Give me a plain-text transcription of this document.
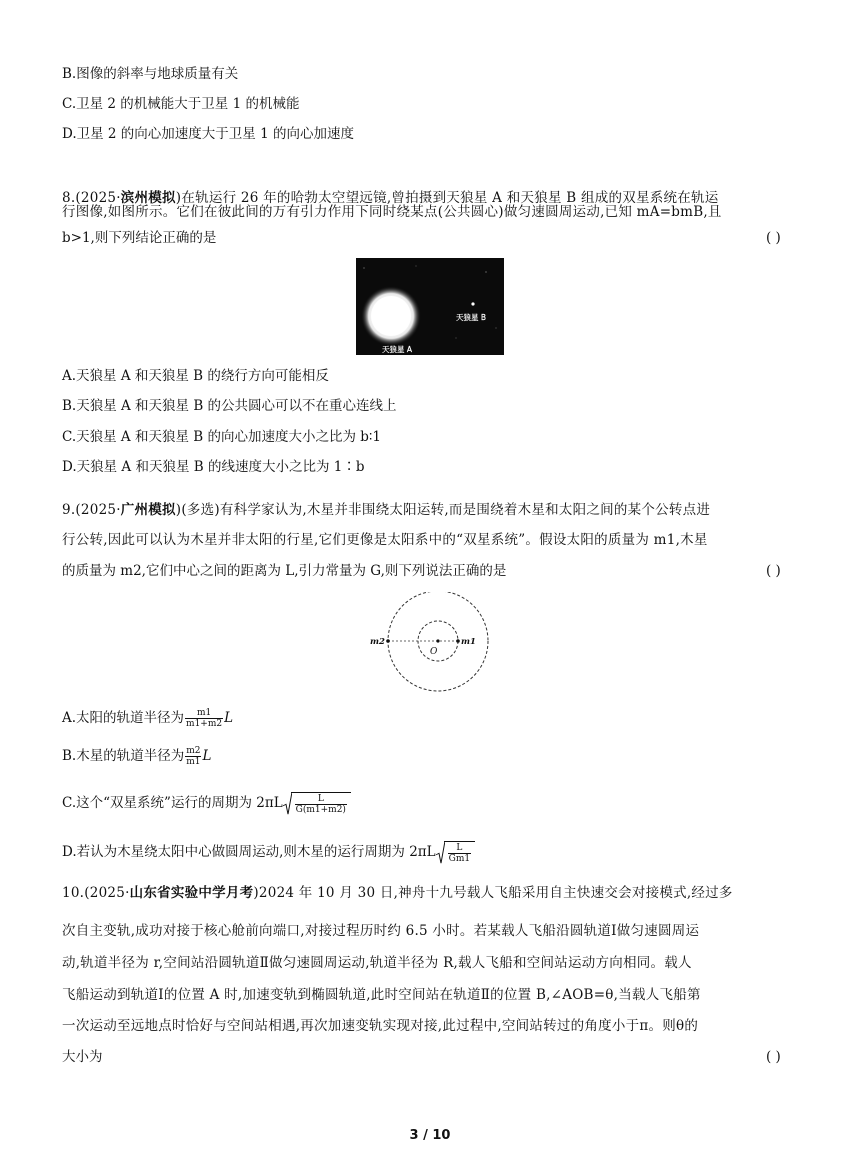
B.图像的斜率与地球质量有关
C.卫星 2 的机械能大于卫星 1 的机械能
D.卫星 2 的向心加速度大于卫星 1 的向心加速度
8.(2025·滨州模拟)在轨运行 26 年的哈勃太空望远镜,曾拍摄到天狼星 A 和天狼星 B 组成的双星系统在轨运
行图像,如图所示。它们在彼此间的万有引力作用下同时绕某点(公共圆心)做匀速圆周运动,已知 mA=bmB,且
b>1,则下列结论正确的是	( )
天狼星 B
天狼星 A
A.天狼星 A 和天狼星 B 的绕行方向可能相反
B.天狼星 A 和天狼星 B 的公共圆心可以不在重心连线上
C.天狼星 A 和天狼星 B 的向心加速度大小之比为 b∶1
D.天狼星 A 和天狼星 B 的线速度大小之比为 1∶b
9.(2025·广州模拟)(多选)有科学家认为,木星并非围绕太阳运转,而是围绕着木星和太阳之间的某个公转点进
行公转,因此可以认为木星并非太阳的行星,它们更像是太阳系中的“双星系统”。假设太阳的质量为 m1,木星
的质量为 m2,它们中心之间的距离为 L,引力常量为 G,则下列说法正确的是	( )
m2	m1
O
A.太阳的轨道半径为 $\frac{m1}{m1+m2}$ L
B.木星的轨道半径为 $\frac{m2}{m1}$ L
C.这个“双星系统”运行的周期为 $2\pi L \frac{L}{G(m1+m2)}$
D.若认为木星绕太阳中心做圆周运动,则木星的运行周期为 $2\pi L \frac{L}{Gm1}$
10.(2025·山东省实验中学月考)2024 年 10 月 30 日,神舟十九号载人飞船采用自主快速交会对接模式,经过多
次自主变轨,成功对接于核心舱前向端口,对接过程历时约 6.5 小时。若某载人飞船沿圆轨道Ⅰ做匀速圆周运
动,轨道半径为 r,空间站沿圆轨道Ⅱ做匀速圆周运动,轨道半径为 R,载人飞船和空间站运动方向相同。载人
飞船运动到轨道Ⅰ的位置 A 时,加速变轨到椭圆轨道,此时空间站在轨道Ⅱ的位置 B,∠AOB=θ,当载人飞船第
一次运动至远地点时恰好与空间站相遇,再次加速变轨实现对接,此过程中,空间站转过的角度小于π。则θ的
大小为	( )
3 / 10
